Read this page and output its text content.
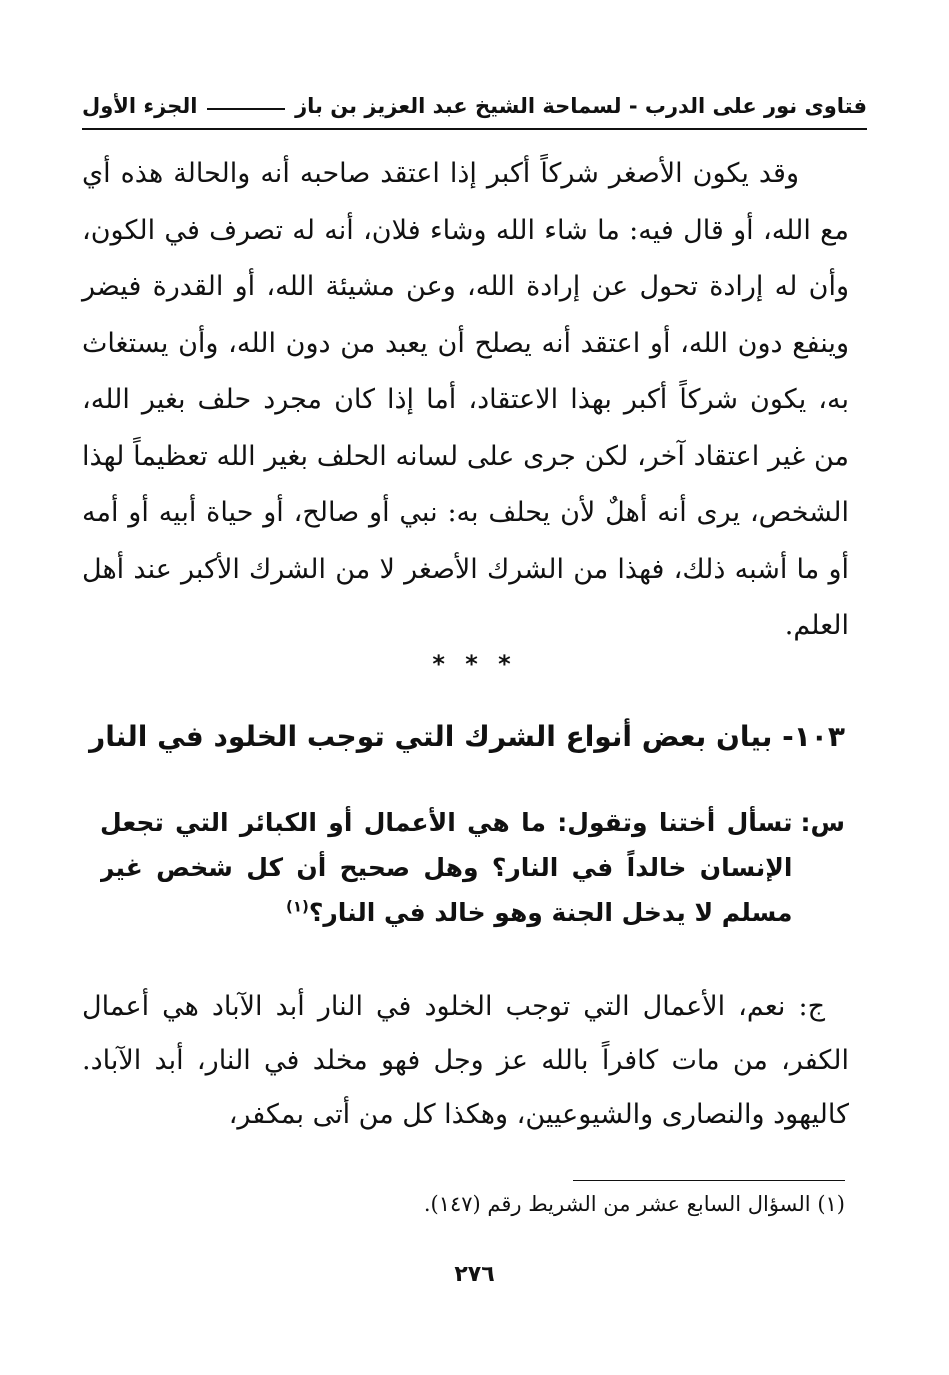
فتاوى نور على الدرب - لسماحة الشيخ عبد العزيز بن باز
الجزء الأول
وقد يكون الأصغر شركاً أكبر إذا اعتقد صاحبه أنه والحالة هذه أي مع الله، أو قال فيه: ما شاء الله وشاء فلان، أنه له تصرف في الكون، وأن له إرادة تحول عن إرادة الله، وعن مشيئة الله، أو القدرة فيضر وينفع دون الله، أو اعتقد أنه يصلح أن يعبد من دون الله، وأن يستغاث به، يكون شركاً أكبر بهذا الاعتقاد، أما إذا كان مجرد حلف بغير الله، من غير اعتقاد آخر، لكن جرى على لسانه الحلف بغير الله تعظيماً لهذا الشخص، يرى أنه أهلٌ لأن يحلف به: نبي أو صالح، أو حياة أبيه أو أمه أو ما أشبه ذلك، فهذا من الشرك الأصغر لا من الشرك الأكبر عند أهل العلم.
* * *
١٠٣- بيان بعض أنواع الشرك التي توجب الخلود في النار
س:
تسأل أختنا وتقول: ما هي الأعمال أو الكبائر التي تجعل الإنسان خالداً في النار؟ وهل صحيح أن كل شخص غير مسلم لا يدخل الجنة وهو خالد في النار؟$^{(١)}$
ج: نعم، الأعمال التي توجب الخلود في النار أبد الآباد هي أعمال الكفر، من مات كافراً بالله عز وجل فهو مخلد في النار، أبد الآباد. كاليهود والنصارى والشيوعيين، وهكذا كل من أتى بمكفر،
(١) السؤال السابع عشر من الشريط رقم (١٤٧).
٢٧٦
